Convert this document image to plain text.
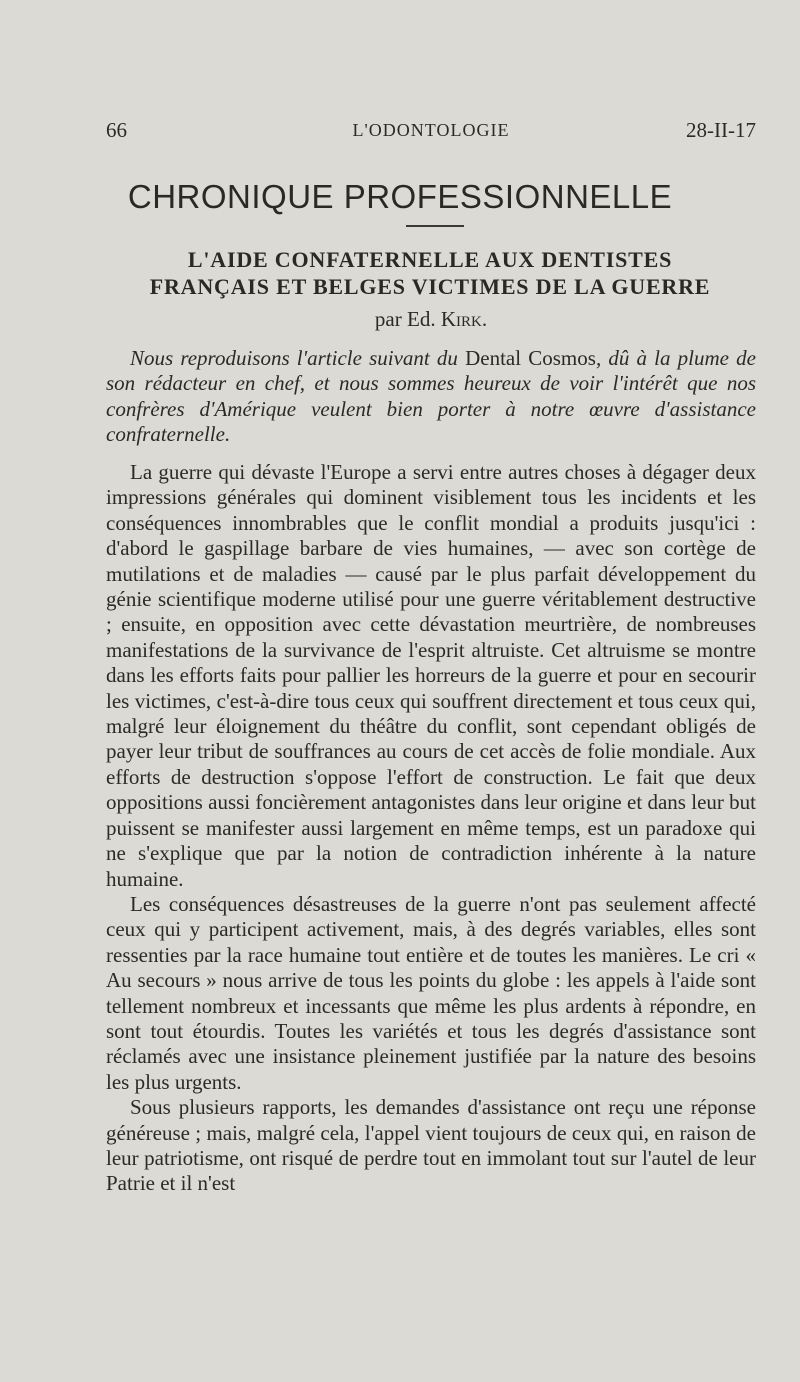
66	L'ODONTOLOGIE	28-II-17
CHRONIQUE PROFESSIONNELLE
L'AIDE CONFATERNELLE AUX DENTISTES
FRANÇAIS ET BELGES VICTIMES DE LA GUERRE
par Ed. Kirk.

Nous reproduisons l'article suivant du Dental Cosmos, dû à la plume de son rédacteur en chef, et nous sommes heureux de voir l'intérêt que nos confrères d'Amérique veulent bien porter à notre œuvre d'assistance confraternelle.

La guerre qui dévaste l'Europe a servi entre autres choses à dégager deux impressions générales qui dominent visiblement tous les incidents et les conséquences innombrables que le conflit mondial a produits jusqu'ici : d'abord le gaspillage barbare de vies humaines, — avec son cortège de mutilations et de maladies — causé par le plus parfait développement du génie scientifique moderne utilisé pour une guerre véritablement destructive ; ensuite, en opposition avec cette dévastation meurtrière, de nombreuses manifestations de la survivance de l'esprit altruiste. Cet altruisme se montre dans les efforts faits pour pallier les horreurs de la guerre et pour en secourir les victimes, c'est-à-dire tous ceux qui souffrent directement et tous ceux qui, malgré leur éloignement du théâtre du conflit, sont cependant obligés de payer leur tribut de souffrances au cours de cet accès de folie mondiale. Aux efforts de destruction s'oppose l'effort de construction. Le fait que deux oppositions aussi foncièrement antagonistes dans leur origine et dans leur but puissent se manifester aussi largement en même temps, est un paradoxe qui ne s'explique que par la notion de contradiction inhérente à la nature humaine.

Les conséquences désastreuses de la guerre n'ont pas seulement affecté ceux qui y participent activement, mais, à des degrés variables, elles sont ressenties par la race humaine tout entière et de toutes les manières. Le cri « Au secours » nous arrive de tous les points du globe : les appels à l'aide sont tellement nombreux et incessants que même les plus ardents à répondre, en sont tout étourdis. Toutes les variétés et tous les degrés d'assistance sont réclamés avec une insistance pleinement justifiée par la nature des besoins les plus urgents.

Sous plusieurs rapports, les demandes d'assistance ont reçu une réponse généreuse ; mais, malgré cela, l'appel vient toujours de ceux qui, en raison de leur patriotisme, ont risqué de perdre tout en immolant tout sur l'autel de leur Patrie et il n'est
